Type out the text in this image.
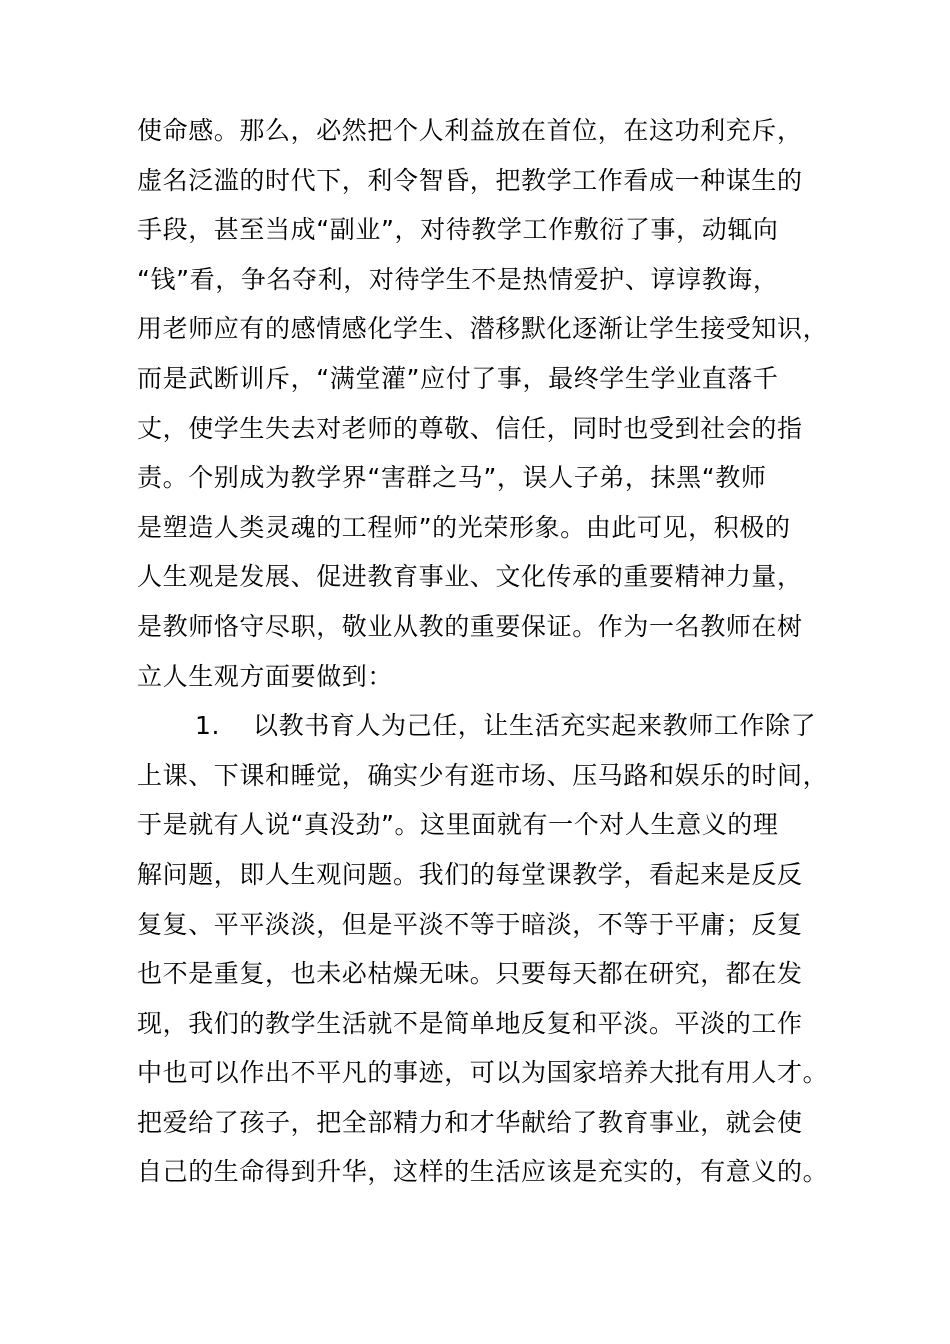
使命感。那么，必然把个人利益放在首位，在这功利充斥，
虚名泛滥的时代下，利令智昏，把教学工作看成一种谋生的
手段，甚至当成“副业”，对待教学工作敷衍了事，动辄向
“钱”看，争名夺利，对待学生不是热情爱护、谆谆教诲，
用老师应有的感情感化学生、潜移默化逐渐让学生接受知识，
而是武断训斥，“满堂灌”应付了事，最终学生学业直落千
丈，使学生失去对老师的尊敬、信任，同时也受到社会的指
责。个别成为教学界“害群之马”，误人子弟，抹黑“教师
是塑造人类灵魂的工程师”的光荣形象。由此可见，积极的
人生观是发展、促进教育事业、文化传承的重要精神力量，
是教师恪守尽职，敬业从教的重要保证。作为一名教师在树
立人生观方面要做到：
1. 以教书育人为己任，让生活充实起来教师工作除了
上课、下课和睡觉，确实少有逛市场、压马路和娱乐的时间，
于是就有人说“真没劲”。这里面就有一个对人生意义的理
解问题，即人生观问题。我们的每堂课教学，看起来是反反
复复、平平淡淡，但是平淡不等于暗淡，不等于平庸；反复
也不是重复，也未必枯燥无味。只要每天都在研究，都在发
现，我们的教学生活就不是简单地反复和平淡。平淡的工作
中也可以作出不平凡的事迹，可以为国家培养大批有用人才。
把爱给了孩子，把全部精力和才华献给了教育事业，就会使
自己的生命得到升华，这样的生活应该是充实的，有意义的。
